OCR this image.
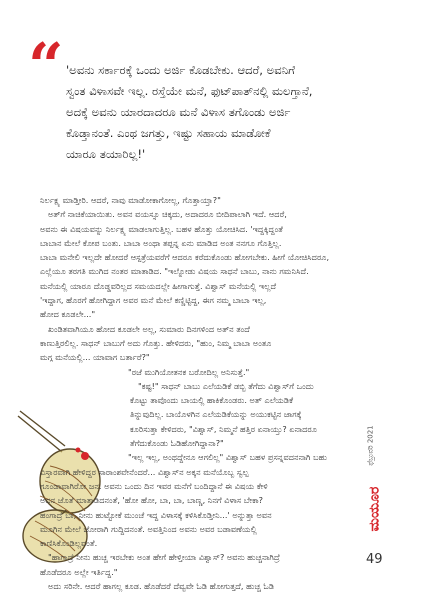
“ 'ಅವನು ಸರ್ಕಾರಕ್ಕೆ ಒಂದು ಅರ್ಜಿ ಕೊಡಬೇಕು. ಆದರೆ, ಅವನಿಗೆ
ಸ್ವಂತ ವಿಳಾಸವೇ ಇಲ್ಲ. ರಸ್ತೆಯೇ ಮನೆ, ಫುಟ್‌ಪಾತ್‌ನಲ್ಲಿ ಮಲಗ್ತಾನೆ,
ಅದಕ್ಕೆ ಅವನು ಯಾರದಾದರೂ ಮನೆ ವಿಳಾಸ ತಗೊಂಡು ಅರ್ಜಿ
ಕೊಡ್ತಾನಂತೆ. ಎಂಥ ಜಗತ್ತು, ಇಷ್ಟು ಸಹಾಯ ಮಾಡೋಕೆ
ಯಾರೂ ತಯಾರಿಲ್ಲ!'
ನಿರ್ಲಕ್ಷ್ಯ ಮಾಡ್ತೀರಿ. ಆದರೆ, ನಾವು ಮಾಡೋಕಾಗೋಲ್ಲ, ಗೊತ್ತಾಯ್ತಾ?"
ಅತ್‌ಗೆ ನಾಚಿಕೆಯಾಯಿತು. ಅವನ ವಯಸ್ಸೂ ಚಿಕ್ಕದು, ಅದಾದರೂ ಬೀದಿಪಾಲಾಗಿ ಇದೆ. ಆದರೆ,
ಅವನು ಈ ವಿಷಯವನ್ನು ನಿರ್ಲಕ್ಷ್ಯ ಮಾಡಲಾಗುತ್ತಿಲ್ಲ. ಬಹಳ ಹೊತ್ತು ಯೋಚಿಸಿದ. 'ಇದ್ದಕ್ಕಿದ್ದಂತೆ
ಬಾಬಾನ ಮೇಲೆ ಕೋಪ ಬಂತು. ಬಾಬಾ ಅಂಥಾ ತಪ್ಪನ್ನ ಏನು ಮಾಡಿದ ಅಂತ ನನಗೂ ಗೊತ್ತಿಲ್ಲ.
ಬಾಬಾ ಮನೇಲಿ ಇಲ್ಲದೇ ಹೋದರೆ ಆಸ್ಪತ್ರೆಯವರೆಗೆ ಆದರೂ ಕರೆದುಕೊಂಡು ಹೋಗಬೇಕು. ಹೀಗೆ ಯೋಚಿಸಿದರೂ,
ಎಲ್ಲೆಯೂ ತರಗತಿ ಮುಗಿದ ನಂತರ ಮಾತಾಡಿದ. "ಇಲ್ನೋಡು ವಿಷಯ ಸಾಧನೆ ಬಾಬು, ನಾನು ಗಮನಿಸಿದೆ.
ಮನೆಯಲ್ಲಿ ಯಾರೂ ದೊಡ್ಡವರಿಲ್ಲದ ಸಮಯದಲ್ಲೇ ಹೀಗಾಗುತ್ತೆ. ವಿಶ್ವಾಸ್ ಮನೆಯಲ್ಲಿ ಇಲ್ಲದೆ
'ಇದ್ದಾಗ, ಹೊರಗೆ ಹೋಗಿದ್ದಾಗ ಅವರ ಮನೆ ಮೇಲೆ ಕಣ್ಣಿಟ್ಟಿದ್ದ, ಈಗ ನಮ್ಮ ಬಾಬಾ ಇಲ್ಲ,
ಹೋದ ಕೂಡಲೇ..."
ಖಂಡಿತವಾಗಿಯೂ ಹೋದ ಕೂಡಲೇ ಅಲ್ಲ, ಸುಮಾರು ದಿನಗಳಿಂದ ಅತ್‌ನ ತಂದೆ
ಕಾಣುತ್ತಿರಲಿಲ್ಲ. ಸಾಧನ್ ಬಾಬುಗೆ ಅದು ಗೊತ್ತು. ಹೇಳಿದರು, "ಹುಂ, ನಿಮ್ಮ ಬಾಬಾ ಅಂತೂ
ಮಗ್ಗ ಮನೆಯಲ್ಲಿ... ಯಾವಾಗ ಬರ್ತಾರೆ?"
"ರಜೆ ಮುಗಿಯೋತನಕ ಬರೋದಿಲ್ಲ ಅನಿಸುತ್ತೆ."
"ಕಷ್ಟ!" ಸಾಧನ್ ಬಾಬು ಎಲೆಯಡಿಕೆ ಡಬ್ಬಿ ತೆಗೆದು ವಿಶ್ವಾಸ್‌ಗೆ ಒಂದು
ಕೊಟ್ಟು ತಾವೊಂದು ಬಾಯಲ್ಲಿ ಹಾಕಿಕೊಂಡರು. ಅತ್ ಎಲೆಯಡಿಕೆ
ತಿನ್ನುವುದಿಲ್ಲ. ಬಾಯೊಳಗಿನ ಎಲೆಯಡಿಕೆಯನ್ನು ಅಯುಕಟ್ಟಿನ ಜಾಗಕ್ಕೆ
ಕೂರಿಸುತ್ತಾ ಕೇಳಿದರು, "ವಿಶ್ವಾಸ್, ನಿಮ್ಮನೆ ಹತ್ತಿರ ಏನಾಯ್ತು? ಏನಾದರೂ
ತೆಗೆದುಕೊಂಡು ಓಡಿಹೋಗಿದ್ದಾನಾ?"
"ಇಲ್ಲ ಇಲ್ಲ, ಅಂಥದ್ದೇನೂ ಆಗಲಿಲ್ಲ" ವಿಶ್ವಾಸ್ ಬಹಳ ಪ್ರಸನ್ನವದನನಾಗಿ ಬಹು
ವಿಸ್ತಾರವಾಗಿ ಹೇಳಿದ್ದರ ಸಾರಾಂಶವೇನೆಂದರೆ... ವಿಶ್ವಾಸ್‌ನ ಅಕ್ಕನ ಮನೆಯೊಬ್ಬ ಸ್ವಲ್ಪ
ಗೂಂಡಾವಾಗಿರೋ ಜನ. ಅವನು ಒಂದು ದಿನ ಇವರ ಮನೆಗೆ ಬಂದಿದ್ದಾನೆ ಈ ವಿಷಯ ಕೇಳಿ
ಅವನ ಜೊತೆ ಮಾತಾಡಿದನಂತೆ, 'ಹೋ ಹೋ, ಬಾ, ಬಾ, ಬಾಣ್ಣ, ನಿನಗೆ ವಿಳಾಸ ಬೇಕಾ?
ಹಂಗಾದ್ರೆ ಬಾ, ನೀನು ಹುಟ್ಟೋಕೆ ಮುಂಚೆ ಇದ್ದ ವಿಳಾಸಕ್ಕೆ ಕಳಿಸಿಕೊಡ್ತೀನಿ...' ಅನ್ನುತ್ತಾ ಅವನ
ಮೂಗಿನ ಮೇಲೆ ಜೋರಾಗಿ ಗುದ್ದಿದನಂತೆ. ಅವತ್ತಿನಿಂದ ಅವನು ಅವರ ಬಡಾವಣೆಯಲ್ಲಿ
ಕಾಣಿಸಿಕೊಂಡಿಲ್ಲವಂತೆ.
"ಹಾಗಾದ್ರೆ ನೀನು ಹುಚ್ಚ ಇರಬೇಕು ಅಂತ ಹೇಗೆ ಹೇಳ್ತೀಯಾ ವಿಶ್ವಾಸ್? ಅವನು ಹುಚ್ಚನಾಗಿದ್ರೆ
ಹೊಡೆದರೂ ಅಲ್ಲೇ ಇರ್ತಿದ್ದ."
ಅದು ಸರಿನೇ. ಆದರೆ ಹಾಗಲ್ಲ ಕೂಡ. ಹೊಡೆದರೆ ದೆವ್ವವೇ ಓಡಿ ಹೋಗುತ್ತದೆ, ಹುಚ್ಚ ಓಡಿ
ಫೆಬ್ರುವರಿ 2021
ಮಯೂರ
49
